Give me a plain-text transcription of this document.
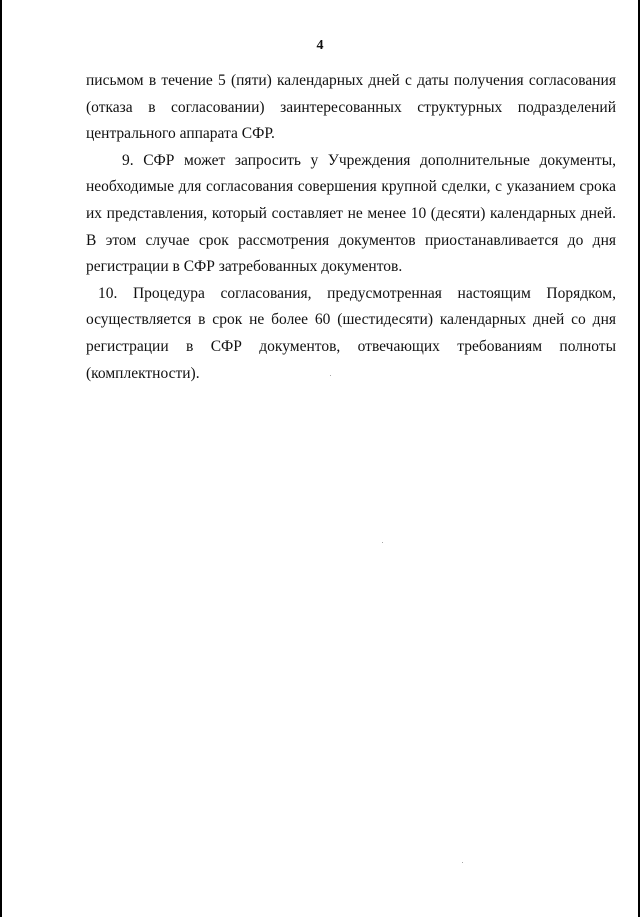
4

письмом в течение 5 (пяти) календарных дней с даты получения согласования (отказа в согласовании) заинтересованных структурных подразделений центрального аппарата СФР.

9. СФР может запросить у Учреждения дополнительные документы, необходимые для согласования совершения крупной сделки, с указанием срока их представления, который составляет не менее 10 (десяти) календарных дней. В этом случае срок рассмотрения документов приостанавливается до дня регистрации в СФР затребованных документов.

10. Процедура согласования, предусмотренная настоящим Порядком, осуществляется в срок не более 60 (шестидесяти) календарных дней со дня регистрации в СФР документов, отвечающих требованиям полноты (комплектности).
